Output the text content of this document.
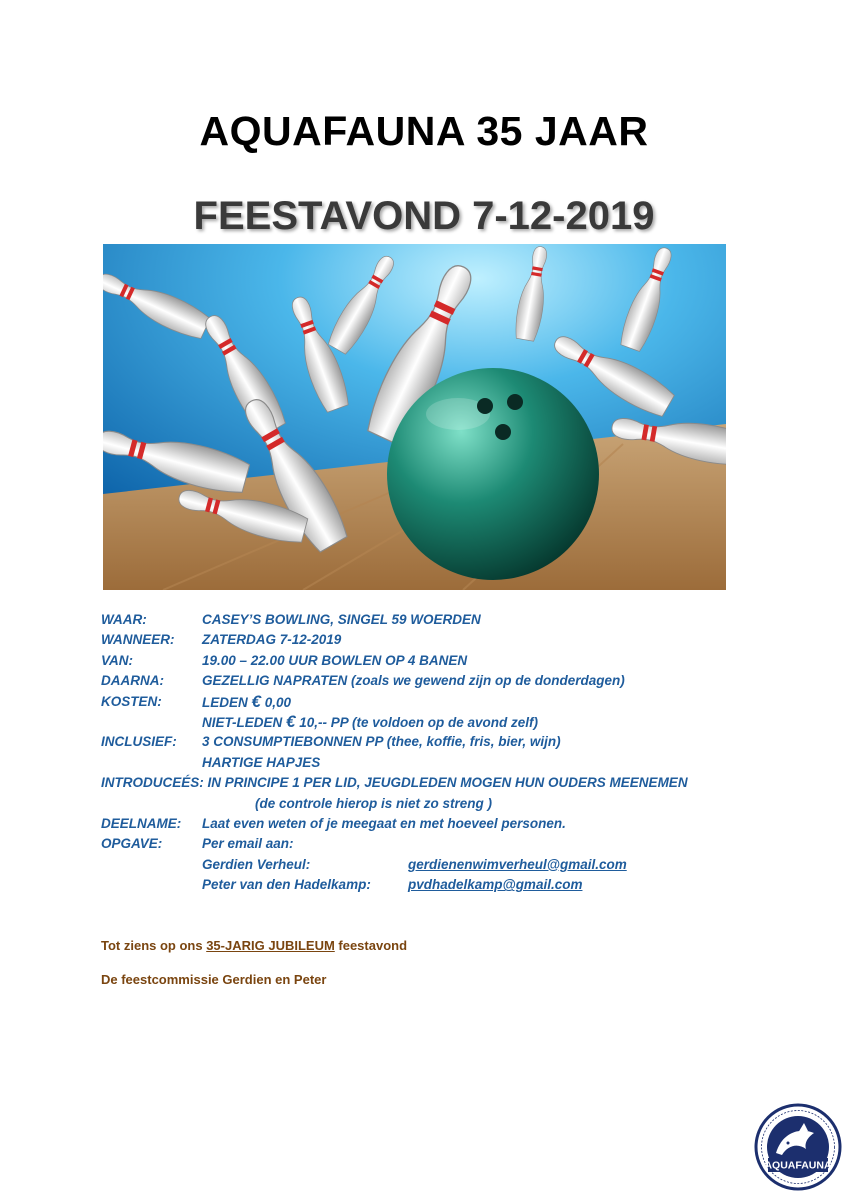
AQUAFAUNA 35 JAAR
FEESTAVOND 7-12-2019
WAAR:	CASEY’S BOWLING, SINGEL 59 WOERDEN
WANNEER: ZATERDAG 7-12-2019
VAN:	19.00 – 22.00 UUR BOWLEN OP 4 BANEN
DAARNA:	GEZELLIG NAPRATEN (zoals we gewend zijn op de donderdagen)
KOSTEN:	LEDEN € 0,00
NIET-LEDEN € 10,-- PP (te voldoen op de avond zelf)
INCLUSIEF: 3 CONSUMPTIEBONNEN PP (thee, koffie, fris, bier, wijn)
HARTIGE HAPJES
INTRODUCEÉS: IN PRINCIPE 1 PER LID, JEUGDLEDEN MOGEN HUN OUDERS MEENEMEN
(de controle hierop is niet zo streng )
DEELNAME: Laat even weten of je meegaat en met hoeveel personen.
OPGAVE:	Per email aan:
Gerdien Verheul:	gerdienenwimverheul@gmail.com
Peter van den Hadelkamp:	pvdhadelkamp@gmail.com
Tot ziens op ons 35-JARIG JUBILEUM feestavond
De feestcommissie Gerdien en Peter
AQUAFAUNA
